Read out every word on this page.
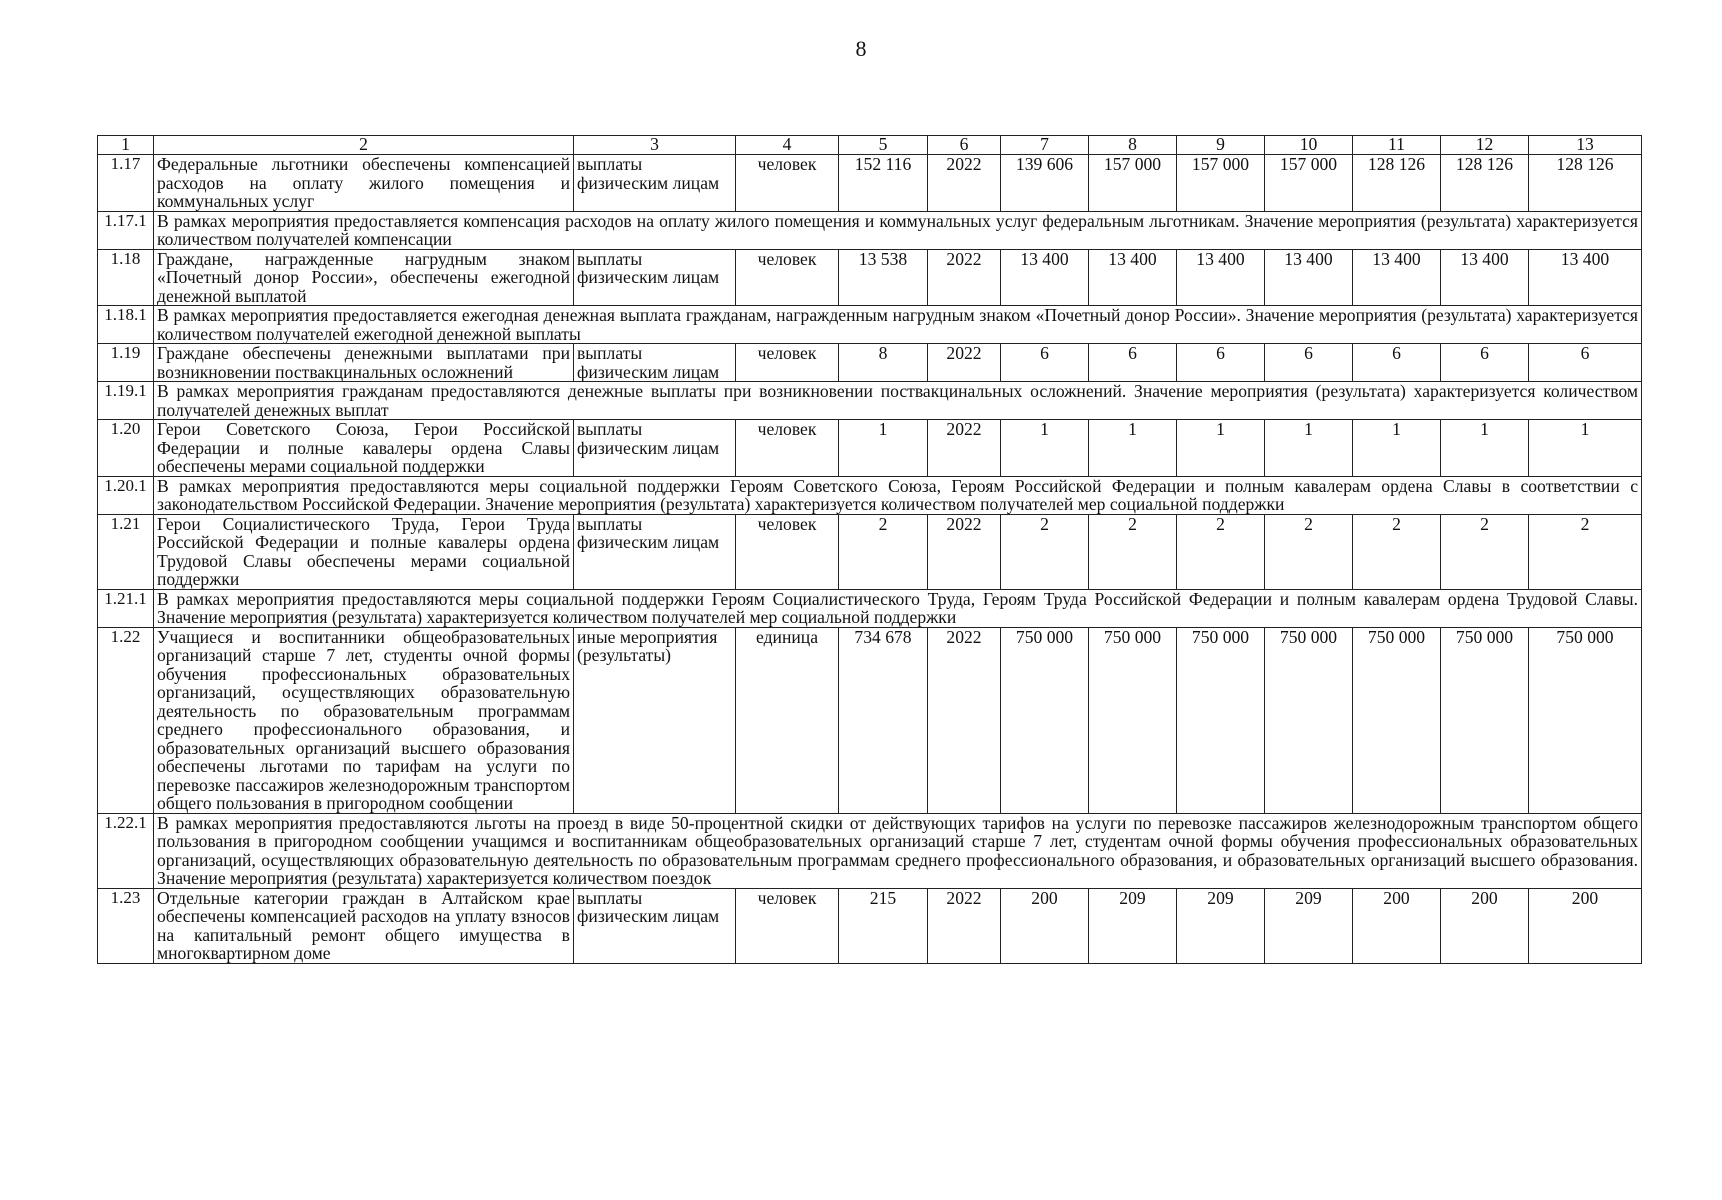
8
1	2	3	4	5	6	7	8	9	10	11	12	13
1.17	Федеральные льготники обеспечены компенсацией расходов на оплату жилого помещения и коммунальных услуг	выплаты физическим лицам	человек	152 116	2022	139 606	157 000	157 000	157 000	128 126	128 126	128 126
1.17.1	В рамках мероприятия предоставляется компенсация расходов на оплату жилого помещения и коммунальных услуг федеральным льготникам. Значение мероприятия (результата) характеризуется количеством получателей компенсации											
1.18	Граждане, награжденные нагрудным знаком «Почетный донор России», обеспечены ежегодной денежной выплатой	выплаты физическим лицам	человек	13 538	2022	13 400	13 400	13 400	13 400	13 400	13 400	13 400
1.18.1	В рамках мероприятия предоставляется ежегодная денежная выплата гражданам, награжденным нагрудным знаком «Почетный донор России». Значение мероприятия (результата) характеризуется количеством получателей ежегодной денежной выплаты											
1.19	Граждане обеспечены денежными выплатами при возникновении поствакцинальных осложнений	выплаты физическим лицам	человек	8	2022	6	6	6	6	6	6	6
1.19.1	В рамках мероприятия гражданам предоставляются денежные выплаты при возникновении поствакцинальных осложнений. Значение мероприятия (результата) характеризуется количеством получателей денежных выплат											
1.20	Герои Советского Союза, Герои Российской Федерации и полные кавалеры ордена Славы обеспечены мерами социальной поддержки	выплаты физическим лицам	человек	1	2022	1	1	1	1	1	1	1
1.20.1	В рамках мероприятия предоставляются меры социальной поддержки Героям Советского Союза, Героям Российской Федерации и полным кавалерам ордена Славы в соответствии с законодательством Российской Федерации. Значение мероприятия (результата) характеризуется количеством получателей мер социальной поддержки											
1.21	Герои Социалистического Труда, Герои Труда Российской Федерации и полные кавалеры ордена Трудовой Славы обеспечены мерами социальной поддержки	выплаты физическим лицам	человек	2	2022	2	2	2	2	2	2	2
1.21.1	В рамках мероприятия предоставляются меры социальной поддержки Героям Социалистического Труда, Героям Труда Российской Федерации и полным кавалерам ордена Трудовой Славы. Значение мероприятия (результата) характеризуется количеством получателей мер социальной поддержки											
1.22	Учащиеся и воспитанники общеобразовательных организаций старше 7 лет, студенты очной формы обучения профессиональных образовательных организаций, осуществляющих образовательную деятельность по образовательным программам среднего профессионального образования, и образовательных организаций высшего образования обеспечены льготами по тарифам на услуги по перевозке пассажиров железнодорожным транспортом общего пользования в пригородном сообщении	иные мероприятия (результаты)	единица	734 678	2022	750 000	750 000	750 000	750 000	750 000	750 000	750 000
1.22.1	В рамках мероприятия предоставляются льготы на проезд в виде 50-процентной скидки от действующих тарифов на услуги по перевозке пассажиров железнодорожным транспортом общего пользования в пригородном сообщении учащимся и воспитанникам общеобразовательных организаций старше 7 лет, студентам очной формы обучения профессиональных образовательных организаций, осуществляющих образовательную деятельность по образовательным программам среднего профессионального образования, и образовательных организаций высшего образования. Значение мероприятия (результата) характеризуется количеством поездок											
1.23	Отдельные категории граждан в Алтайском крае обеспечены компенсацией расходов на уплату взносов на капитальный ремонт общего имущества в многоквартирном доме	выплаты физическим лицам	человек	215	2022	200	209	209	209	200	200	200
